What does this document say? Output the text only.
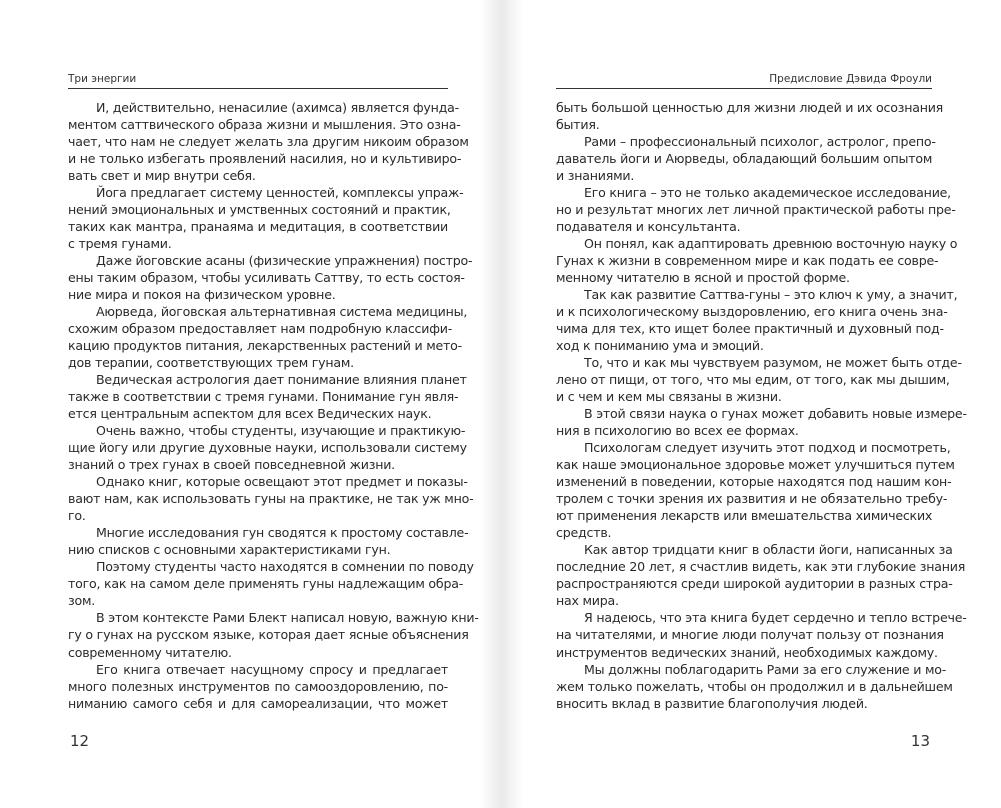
Три энергии
И, действительно, ненасилие (ахимса) является фунда-
ментом саттвического образа жизни и мышления. Это озна-
чает, что нам не следует желать зла другим никоим образом
и не только избегать проявлений насилия, но и культивиро-
вать свет и мир внутри себя.
Йога предлагает систему ценностей, комплексы упраж-
нений эмоциональных и умственных состояний и практик,
таких как мантра, пранаяма и медитация, в соответствии
с тремя гунами.
Даже йоговские асаны (физические упражнения) постро-
ены таким образом, чтобы усиливать Саттву, то есть состоя-
ние мира и покоя на физическом уровне.
Аюрведа, йоговская альтернативная система медицины,
схожим образом предоставляет нам подробную классифи-
кацию продуктов питания, лекарственных растений и мето-
дов терапии, соответствующих трем гунам.
Ведическая астрология дает понимание влияния планет
также в соответствии с тремя гунами. Понимание гун явля-
ется центральным аспектом для всех Ведических наук.
Очень важно, чтобы студенты, изучающие и практикую-
щие йогу или другие духовные науки, использовали систему
знаний о трех гунах в своей повседневной жизни.
Однако книг, которые освещают этот предмет и показы-
вают нам, как использовать гуны на практике, не так уж мно-
го.
Многие исследования гун сводятся к простому составле-
нию списков с основными характеристиками гун.
Поэтому студенты часто находятся в сомнении по поводу
того, как на самом деле применять гуны надлежащим обра-
зом.
В этом контексте Рами Блект написал новую, важную кни-
гу о гунах на русском языке, которая дает ясные объяснения
современному читателю.
Его книга отвечает насущному спросу и предлагает
много полезных инструментов по самооздоровлению, по-
ниманию самого себя и для самореализации, что может
12
Предисловие Дэвида Фроули
быть большой ценностью для жизни людей и их осознания
бытия.
Рами – профессиональный психолог, астролог, препо-
даватель йоги и Аюрведы, обладающий большим опытом
и знаниями.
Его книга – это не только академическое исследование,
но и результат многих лет личной практической работы пре-
подавателя и консультанта.
Он понял, как адаптировать древнюю восточную науку о
Гунах к жизни в современном мире и как подать ее совре-
менному читателю в ясной и простой форме.
Так как развитие Саттва-гуны – это ключ к уму, а значит,
и к психологическому выздоровлению, его книга очень зна-
чима для тех, кто ищет более практичный и духовный под-
ход к пониманию ума и эмоций.
То, что и как мы чувствуем разумом, не может быть отде-
лено от пищи, от того, что мы едим, от того, как мы дышим,
и с чем и кем мы связаны в жизни.
В этой связи наука о гунах может добавить новые измере-
ния в психологию во всех ее формах.
Психологам следует изучить этот подход и посмотреть,
как наше эмоциональное здоровье может улучшиться путем
изменений в поведении, которые находятся под нашим кон-
тролем с точки зрения их развития и не обязательно требу-
ют применения лекарств или вмешательства химических
средств.
Как автор тридцати книг в области йоги, написанных за
последние 20 лет, я счастлив видеть, как эти глубокие знания
распространяются среди широкой аудитории в разных стра-
нах мира.
Я надеюсь, что эта книга будет сердечно и тепло встрече-
на читателями, и многие люди получат пользу от познания
инструментов ведических знаний, необходимых каждому.
Мы должны поблагодарить Рами за его служение и мо-
жем только пожелать, чтобы он продолжил и в дальнейшем
вносить вклад в развитие благополучия людей.
13
